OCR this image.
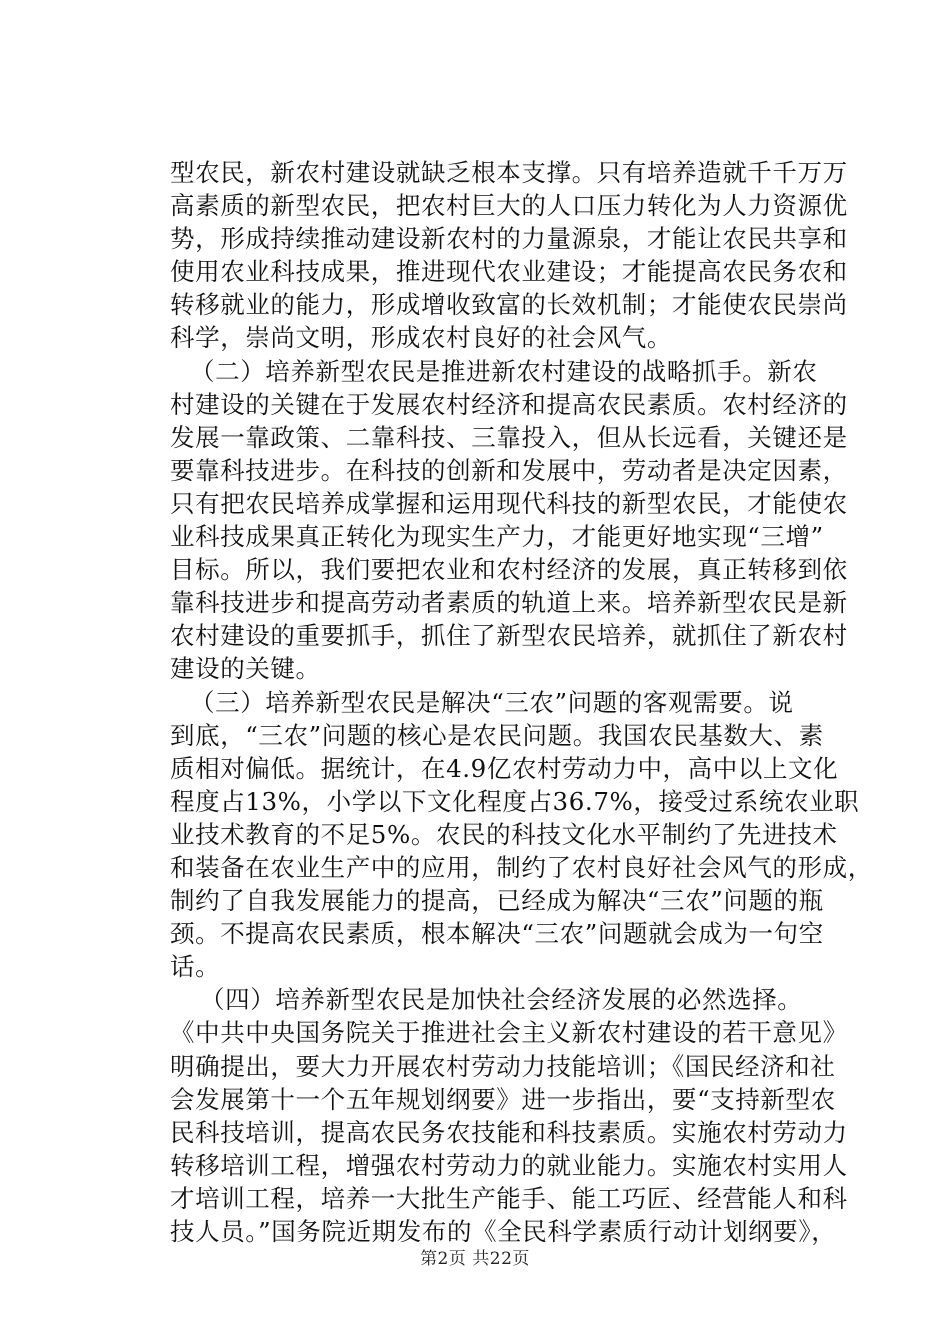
型农民，新农村建设就缺乏根本支撑。只有培养造就千千万万
高素质的新型农民，把农村巨大的人口压力转化为人力资源优
势，形成持续推动建设新农村的力量源泉，才能让农民共享和
使用农业科技成果，推进现代农业建设；才能提高农民务农和
转移就业的能力，形成增收致富的长效机制；才能使农民崇尚
科学，崇尚文明，形成农村良好的社会风气。
（二）培养新型农民是推进新农村建设的战略抓手。新农
村建设的关键在于发展农村经济和提高农民素质。农村经济的
发展一靠政策、二靠科技、三靠投入，但从长远看，关键还是
要靠科技进步。在科技的创新和发展中，劳动者是决定因素，
只有把农民培养成掌握和运用现代科技的新型农民，才能使农
业科技成果真正转化为现实生产力，才能更好地实现“三增”
目标。所以，我们要把农业和农村经济的发展，真正转移到依
靠科技进步和提高劳动者素质的轨道上来。培养新型农民是新
农村建设的重要抓手，抓住了新型农民培养，就抓住了新农村
建设的关键。
（三）培养新型农民是解决“三农”问题的客观需要。说
到底，“三农”问题的核心是农民问题。我国农民基数大、素
质相对偏低。据统计，在4.9亿农村劳动力中，高中以上文化
程度占13%，小学以下文化程度占36.7%，接受过系统农业职
业技术教育的不足5%。农民的科技文化水平制约了先进技术
和装备在农业生产中的应用，制约了农村良好社会风气的形成，
制约了自我发展能力的提高，已经成为解决“三农”问题的瓶
颈。不提高农民素质，根本解决“三农”问题就会成为一句空
话。
（四）培养新型农民是加快社会经济发展的必然选择。
《中共中央国务院关于推进社会主义新农村建设的若干意见》
明确提出，要大力开展农村劳动力技能培训；《国民经济和社
会发展第十一个五年规划纲要》进一步指出，要“支持新型农
民科技培训，提高农民务农技能和科技素质。实施农村劳动力
转移培训工程，增强农村劳动力的就业能力。实施农村实用人
才培训工程，培养一大批生产能手、能工巧匠、经营能人和科
技人员。”国务院近期发布的《全民科学素质行动计划纲要》，
第2页 共22页
